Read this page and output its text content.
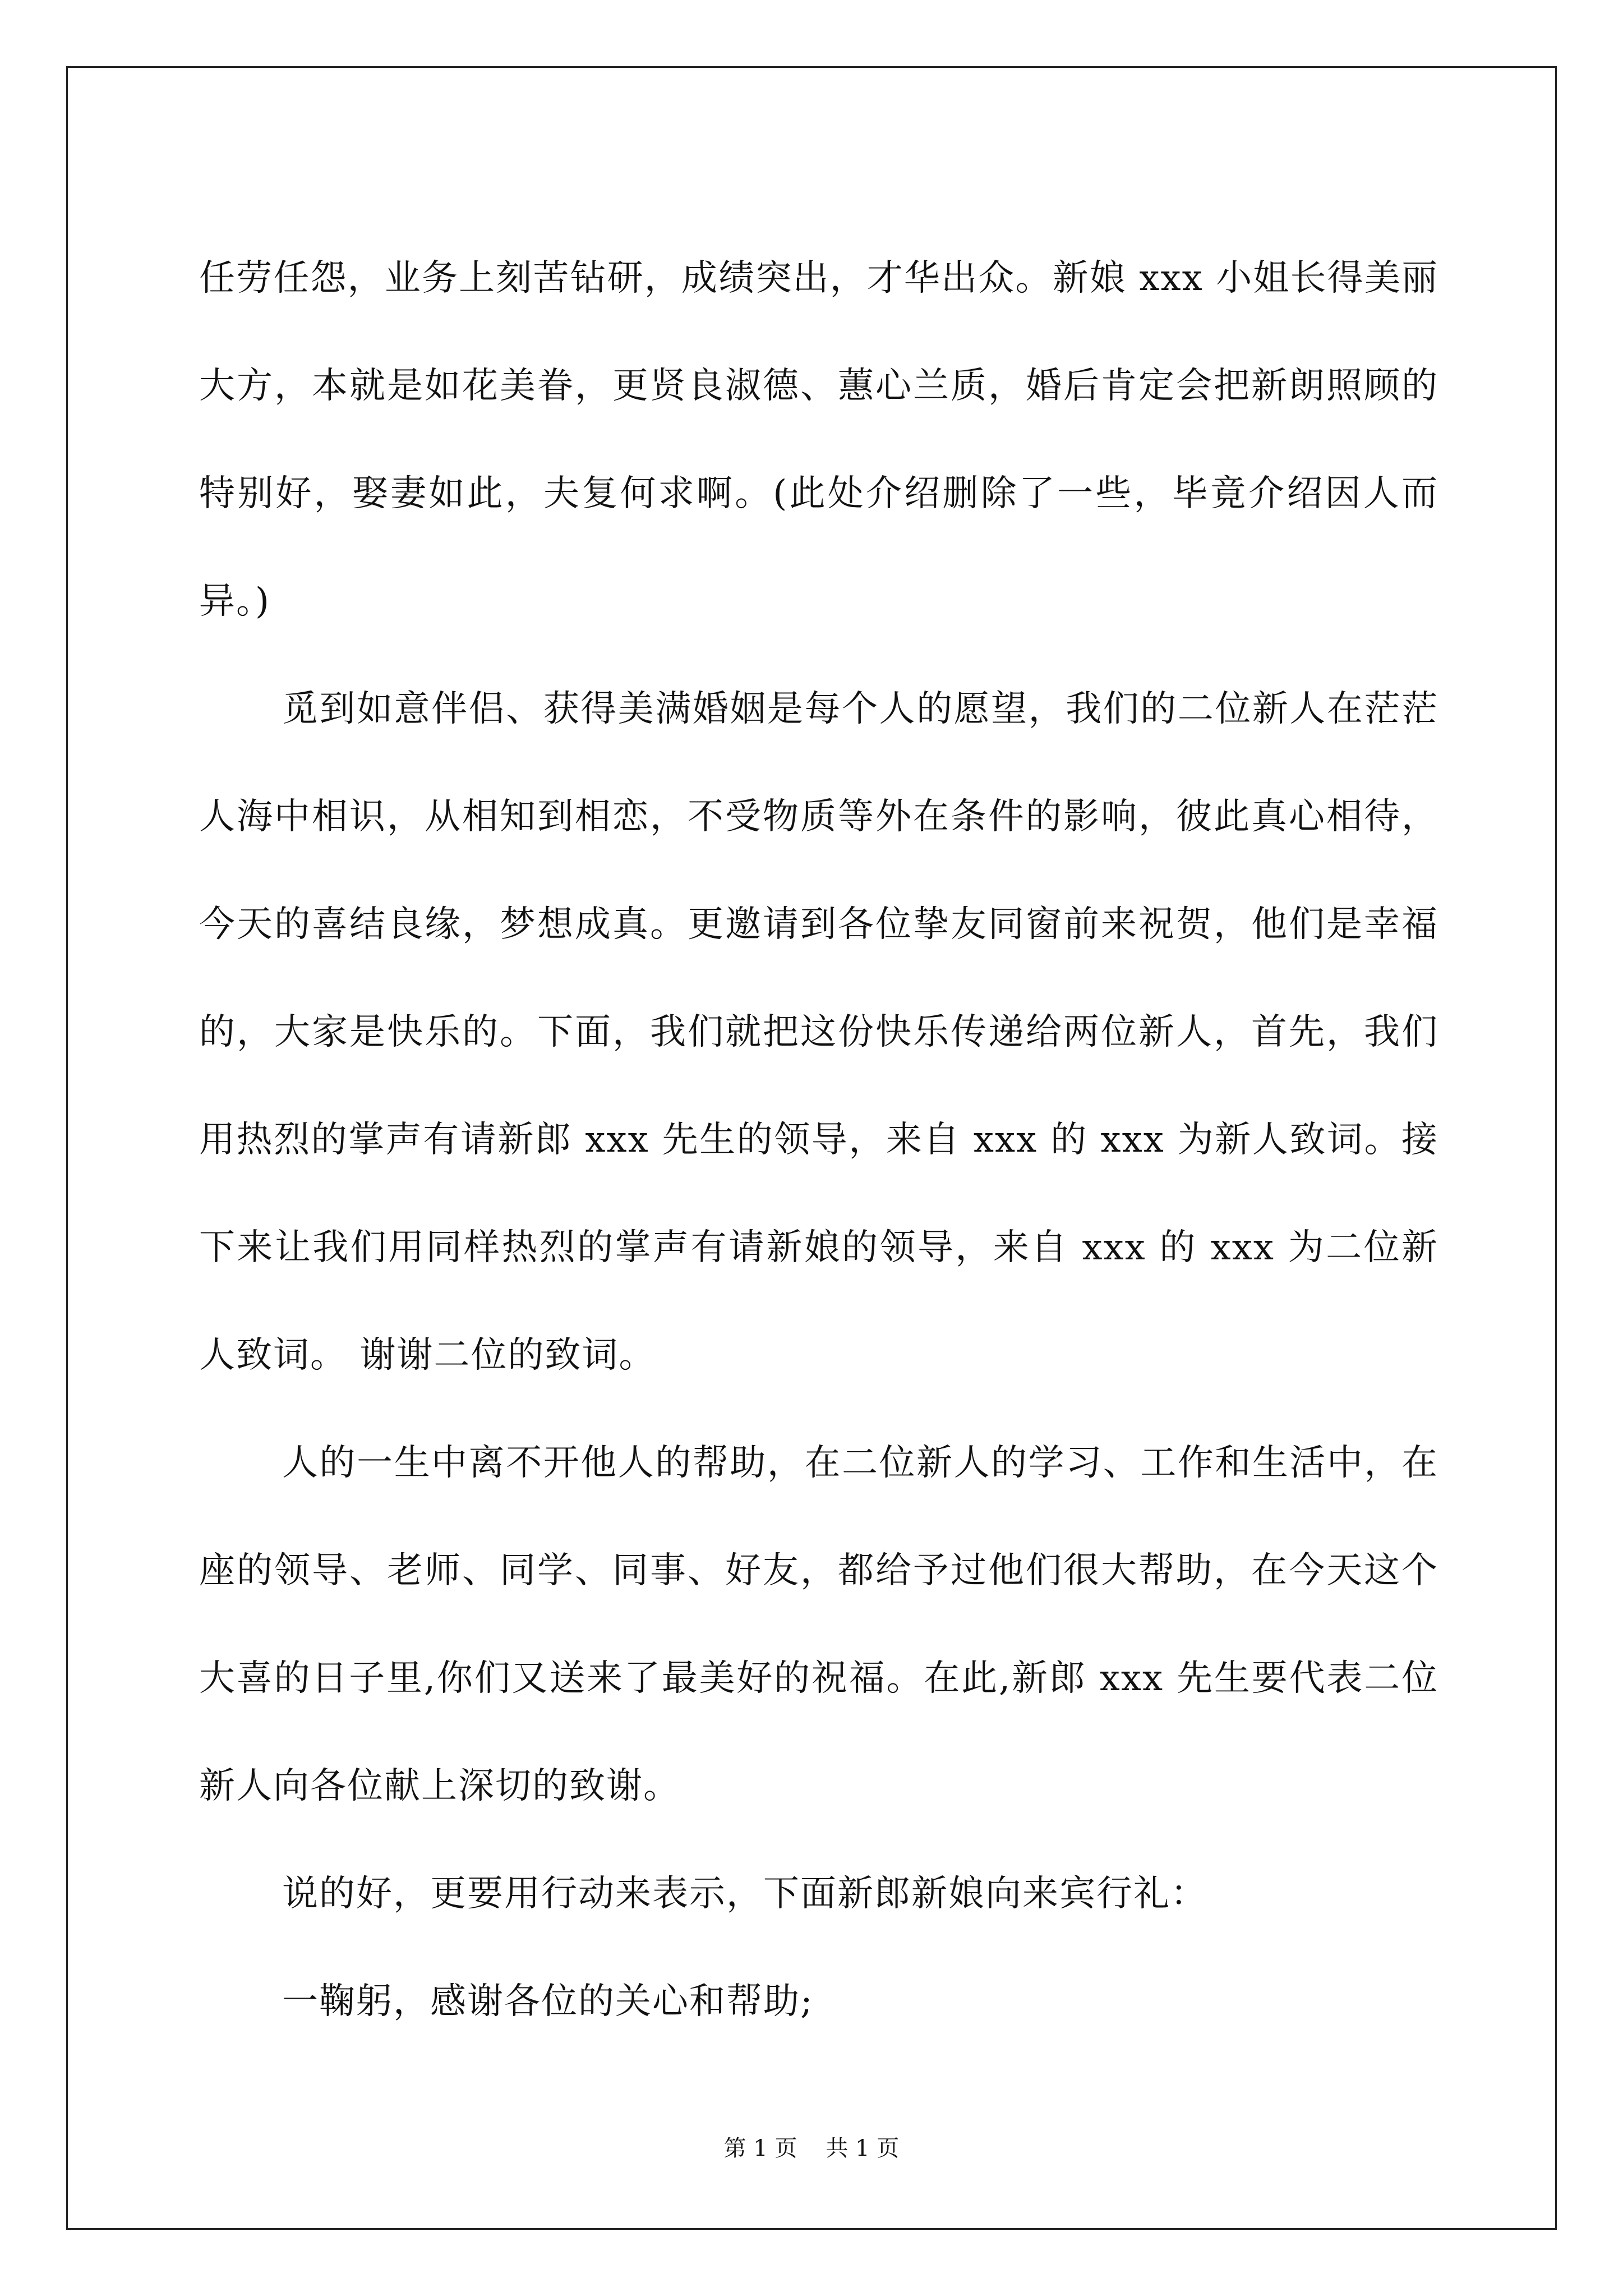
任劳任怨，业务上刻苦钻研，成绩突出，才华出众。新娘 xxx 小姐长得美丽大方，本就是如花美眷，更贤良淑德、蕙心兰质，婚后肯定会把新朗照顾的特别好，娶妻如此，夫复何求啊。(此处介绍删除了一些，毕竟介绍因人而异。)

觅到如意伴侣、获得美满婚姻是每个人的愿望，我们的二位新人在茫茫人海中相识，从相知到相恋，不受物质等外在条件的影响，彼此真心相待，今天的喜结良缘，梦想成真。更邀请到各位挚友同窗前来祝贺，他们是幸福的，大家是快乐的。下面，我们就把这份快乐传递给两位新人，首先，我们用热烈的掌声有请新郎 xxx 先生的领导，来自 xxx 的 xxx 为新人致词。接下来让我们用同样热烈的掌声有请新娘的领导，来自 xxx 的 xxx 为二位新人致词。 谢谢二位的致词。

人的一生中离不开他人的帮助，在二位新人的学习、工作和生活中，在座的领导、老师、同学、同事、好友，都给予过他们很大帮助，在今天这个大喜的日子里,你们又送来了最美好的祝福。在此,新郎 xxx 先生要代表二位新人向各位献上深切的致谢。

说的好，更要用行动来表示，下面新郎新娘向来宾行礼：

一鞠躬，感谢各位的关心和帮助;

第 1 页 共 1 页
